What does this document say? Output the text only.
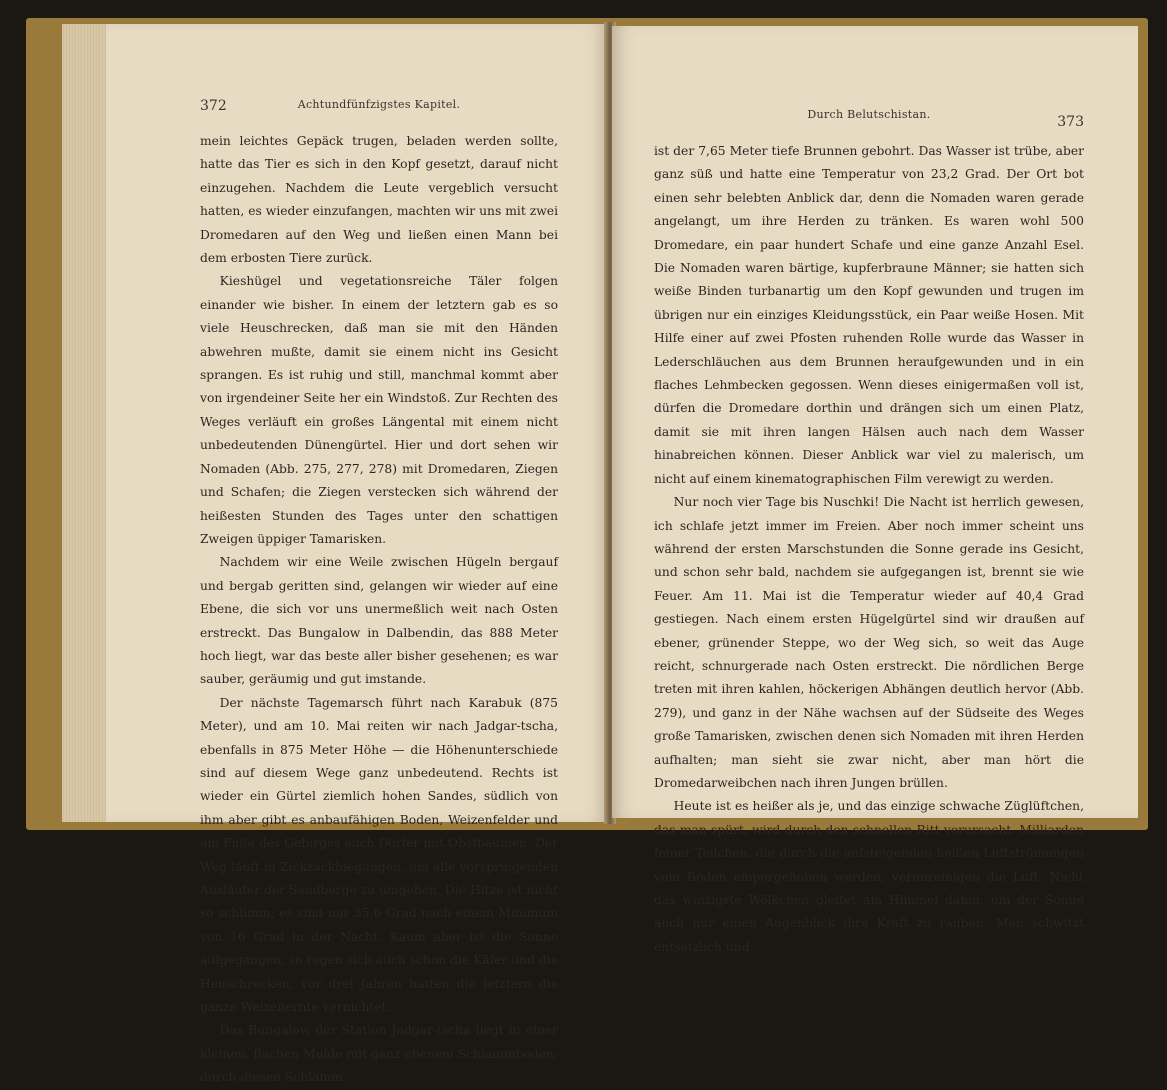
372	Achtundfünfzigstes Kapitel.

mein leichtes Gepäck trugen, beladen werden sollte, hatte das Tier es sich in den Kopf gesetzt, darauf nicht einzugehen. Nachdem die Leute vergeblich versucht hatten, es wieder einzufangen, machten wir uns mit zwei Dromedaren auf den Weg und ließen einen Mann bei dem erbosten Tiere zurück.

Kieshügel und vegetationsreiche Täler folgen einander wie bisher. In einem der letztern gab es so viele Heuschrecken, daß man sie mit den Händen abwehren mußte, damit sie einem nicht ins Gesicht sprangen. Es ist ruhig und still, manchmal kommt aber von irgendeiner Seite her ein Windstoß. Zur Rechten des Weges verläuft ein großes Längental mit einem nicht unbedeutenden Dünengürtel. Hier und dort sehen wir Nomaden (Abb. 275, 277, 278) mit Dromedaren, Ziegen und Schafen; die Ziegen verstecken sich während der heißesten Stunden des Tages unter den schattigen Zweigen üppiger Tamarisken.

Nachdem wir eine Weile zwischen Hügeln bergauf und bergab geritten sind, gelangen wir wieder auf eine Ebene, die sich vor uns unermeßlich weit nach Osten erstreckt. Das Bungalow in Dalbendin, das 888 Meter hoch liegt, war das beste aller bisher gesehenen; es war sauber, geräumig und gut imstande.

Der nächste Tagemarsch führt nach Karabuk (875 Meter), und am 10. Mai reiten wir nach Jadgar-tscha, ebenfalls in 875 Meter Höhe — die Höhenunterschiede sind auf diesem Wege ganz unbedeutend. Rechts ist wieder ein Gürtel ziemlich hohen Sandes, südlich von ihm aber gibt es anbaufähigen Boden, Weizenfelder und am Fuße des Gebirges auch Dörfer mit Obstbäumen. Der Weg läuft in Zickzackbiegungen, um alle vorspringenden Ausläufer der Sandberge zu umgehen. Die Hitze ist nicht so schlimm; es sind nur 35,6 Grad nach einem Minimum von 16 Grad in der Nacht. Kaum aber ist die Sonne aufgegangen, so regen sich auch schon die Käfer und die Heuschrecken; vor drei Jahren hatten die letztern die ganze Weizenernte vernichtet.

Das Bungalow der Station Jadgar-tscha liegt in einer kleinen, flachen Mulde mit ganz ebenem Schlammboden; durch diesen Schlamm

Durch Belutschistan.	373

ist der 7,65 Meter tiefe Brunnen gebohrt. Das Wasser ist trübe, aber ganz süß und hatte eine Temperatur von 23,2 Grad. Der Ort bot einen sehr belebten Anblick dar, denn die Nomaden waren gerade angelangt, um ihre Herden zu tränken. Es waren wohl 500 Dromedare, ein paar hundert Schafe und eine ganze Anzahl Esel. Die Nomaden waren bärtige, kupferbraune Männer; sie hatten sich weiße Binden turbanartig um den Kopf gewunden und trugen im übrigen nur ein einziges Kleidungsstück, ein Paar weiße Hosen. Mit Hilfe einer auf zwei Pfosten ruhenden Rolle wurde das Wasser in Lederschläuchen aus dem Brunnen heraufgewunden und in ein flaches Lehmbecken gegossen. Wenn dieses einigermaßen voll ist, dürfen die Dromedare dorthin und drängen sich um einen Platz, damit sie mit ihren langen Hälsen auch nach dem Wasser hinabreichen können. Dieser Anblick war viel zu malerisch, um nicht auf einem kinematographischen Film verewigt zu werden.

Nur noch vier Tage bis Nuschki! Die Nacht ist herrlich gewesen, ich schlafe jetzt immer im Freien. Aber noch immer scheint uns während der ersten Marschstunden die Sonne gerade ins Gesicht, und schon sehr bald, nachdem sie aufgegangen ist, brennt sie wie Feuer. Am 11. Mai ist die Temperatur wieder auf 40,4 Grad gestiegen. Nach einem ersten Hügelgürtel sind wir draußen auf ebener, grünender Steppe, wo der Weg sich, so weit das Auge reicht, schnurgerade nach Osten erstreckt. Die nördlichen Berge treten mit ihren kahlen, höckerigen Abhängen deutlich hervor (Abb. 279), und ganz in der Nähe wachsen auf der Südseite des Weges große Tamarisken, zwischen denen sich Nomaden mit ihren Herden aufhalten; man sieht sie zwar nicht, aber man hört die Dromedarweibchen nach ihren Jungen brüllen.

Heute ist es heißer als je, und das einzige schwache Züglüftchen, das man spürt, wird durch den schnellen Ritt verursacht. Milliarden feiner Teilchen, die durch die aufsteigenden heißen Luftströmungen vom Boden emporgehoben werden, verunreinigen die Luft. Nicht das winzigste Wölkchen gleitet am Himmel dahin, um der Sonne auch nur einen Augenblick ihre Kraft zu rauben. Man schwitzt entsetzlich und
